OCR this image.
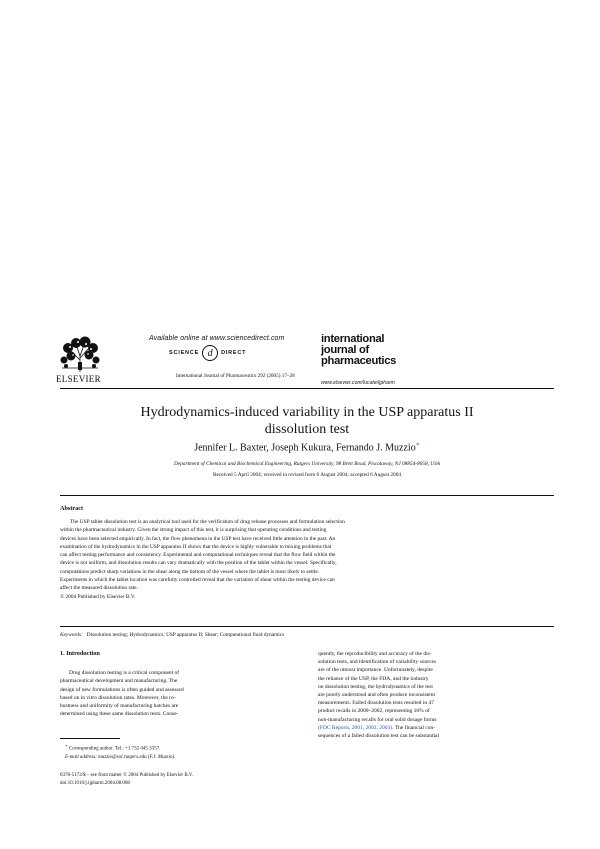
ELSEVIER
Available online at www.sciencedirect.com
SCIENCE d	DIRECT
International Journal of Pharmaceutics 292 (2005) 17–28
international
journal of
pharmaceutics
www.elsevier.com/locate/ijpharm
Hydrodynamics-induced variability in the USP apparatus II
dissolution test
Jennifer L. Baxter, Joseph Kukura, Fernando J. Muzzio∗
Department of Chemical and Biochemical Engineering, Rutgers University, 98 Brett Road, Piscataway, NJ 08854-8058, USA
Received 5 April 2004; received in revised form 6 August 2004; accepted 6 August 2004
Abstract
The USP tablet dissolution test is an analytical tool used for the verification of drug release processes and formulation selection
within the pharmaceutical industry. Given the strong impact of this test, it is surprising that operating conditions and testing
devices have been selected empirically. In fact, the flow phenomena in the USP test have received little attention in the past. An
examination of the hydrodynamics in the USP apparatus II shows that the device is highly vulnerable to mixing problems that
can affect testing performance and consistency. Experimental and computational techniques reveal that the flow field within the
device is not uniform, and dissolution results can vary dramatically with the position of the tablet within the vessel. Specifically,
computations predict sharp variations in the shear along the bottom of the vessel where the tablet is most likely to settle.
Experiments in which the tablet location was carefully controlled reveal that the variation of shear within the testing device can
affect the measured dissolution rate.
© 2004 Published by Elsevier B.V.
Keywords: Dissolution testing; Hydrodynamics; USP apparatus II; Shear; Computational fluid dynamics
1. Introduction
Drug dissolution testing is a critical component of
pharmaceutical development and manufacturing. The
design of new formulations is often guided and assessed
based on in vitro dissolution rates. Moreover, the ro-
bustness and uniformity of manufacturing batches are
determined using these same dissolution tests. Conse-
quently, the reproducibility and accuracy of the dis-
solution tests, and identification of variability sources
are of the utmost importance. Unfortunately, despite
the reliance of the USP, the FDA, and the industry
on dissolution testing, the hydrodynamics of the test
are poorly understood and often produce inconsistent
measurements. Failed dissolution tests resulted in 47
product recalls in 2000–2002, representing 16% of
non-manufacturing recalls for oral solid dosage forms
(FDC Reports, 2001, 2002, 2003). The financial con-
sequences of a failed dissolution test can be substantial
∗ Corresponding author. Tel.: +1 732 445 3357.
E-mail address: muzzio@sol.rutgers.edu (F.J. Muzzio).
0378-5173/$ – see front matter © 2004 Published by Elsevier B.V.
doi:10.1016/j.ijpharm.2004.08.008
